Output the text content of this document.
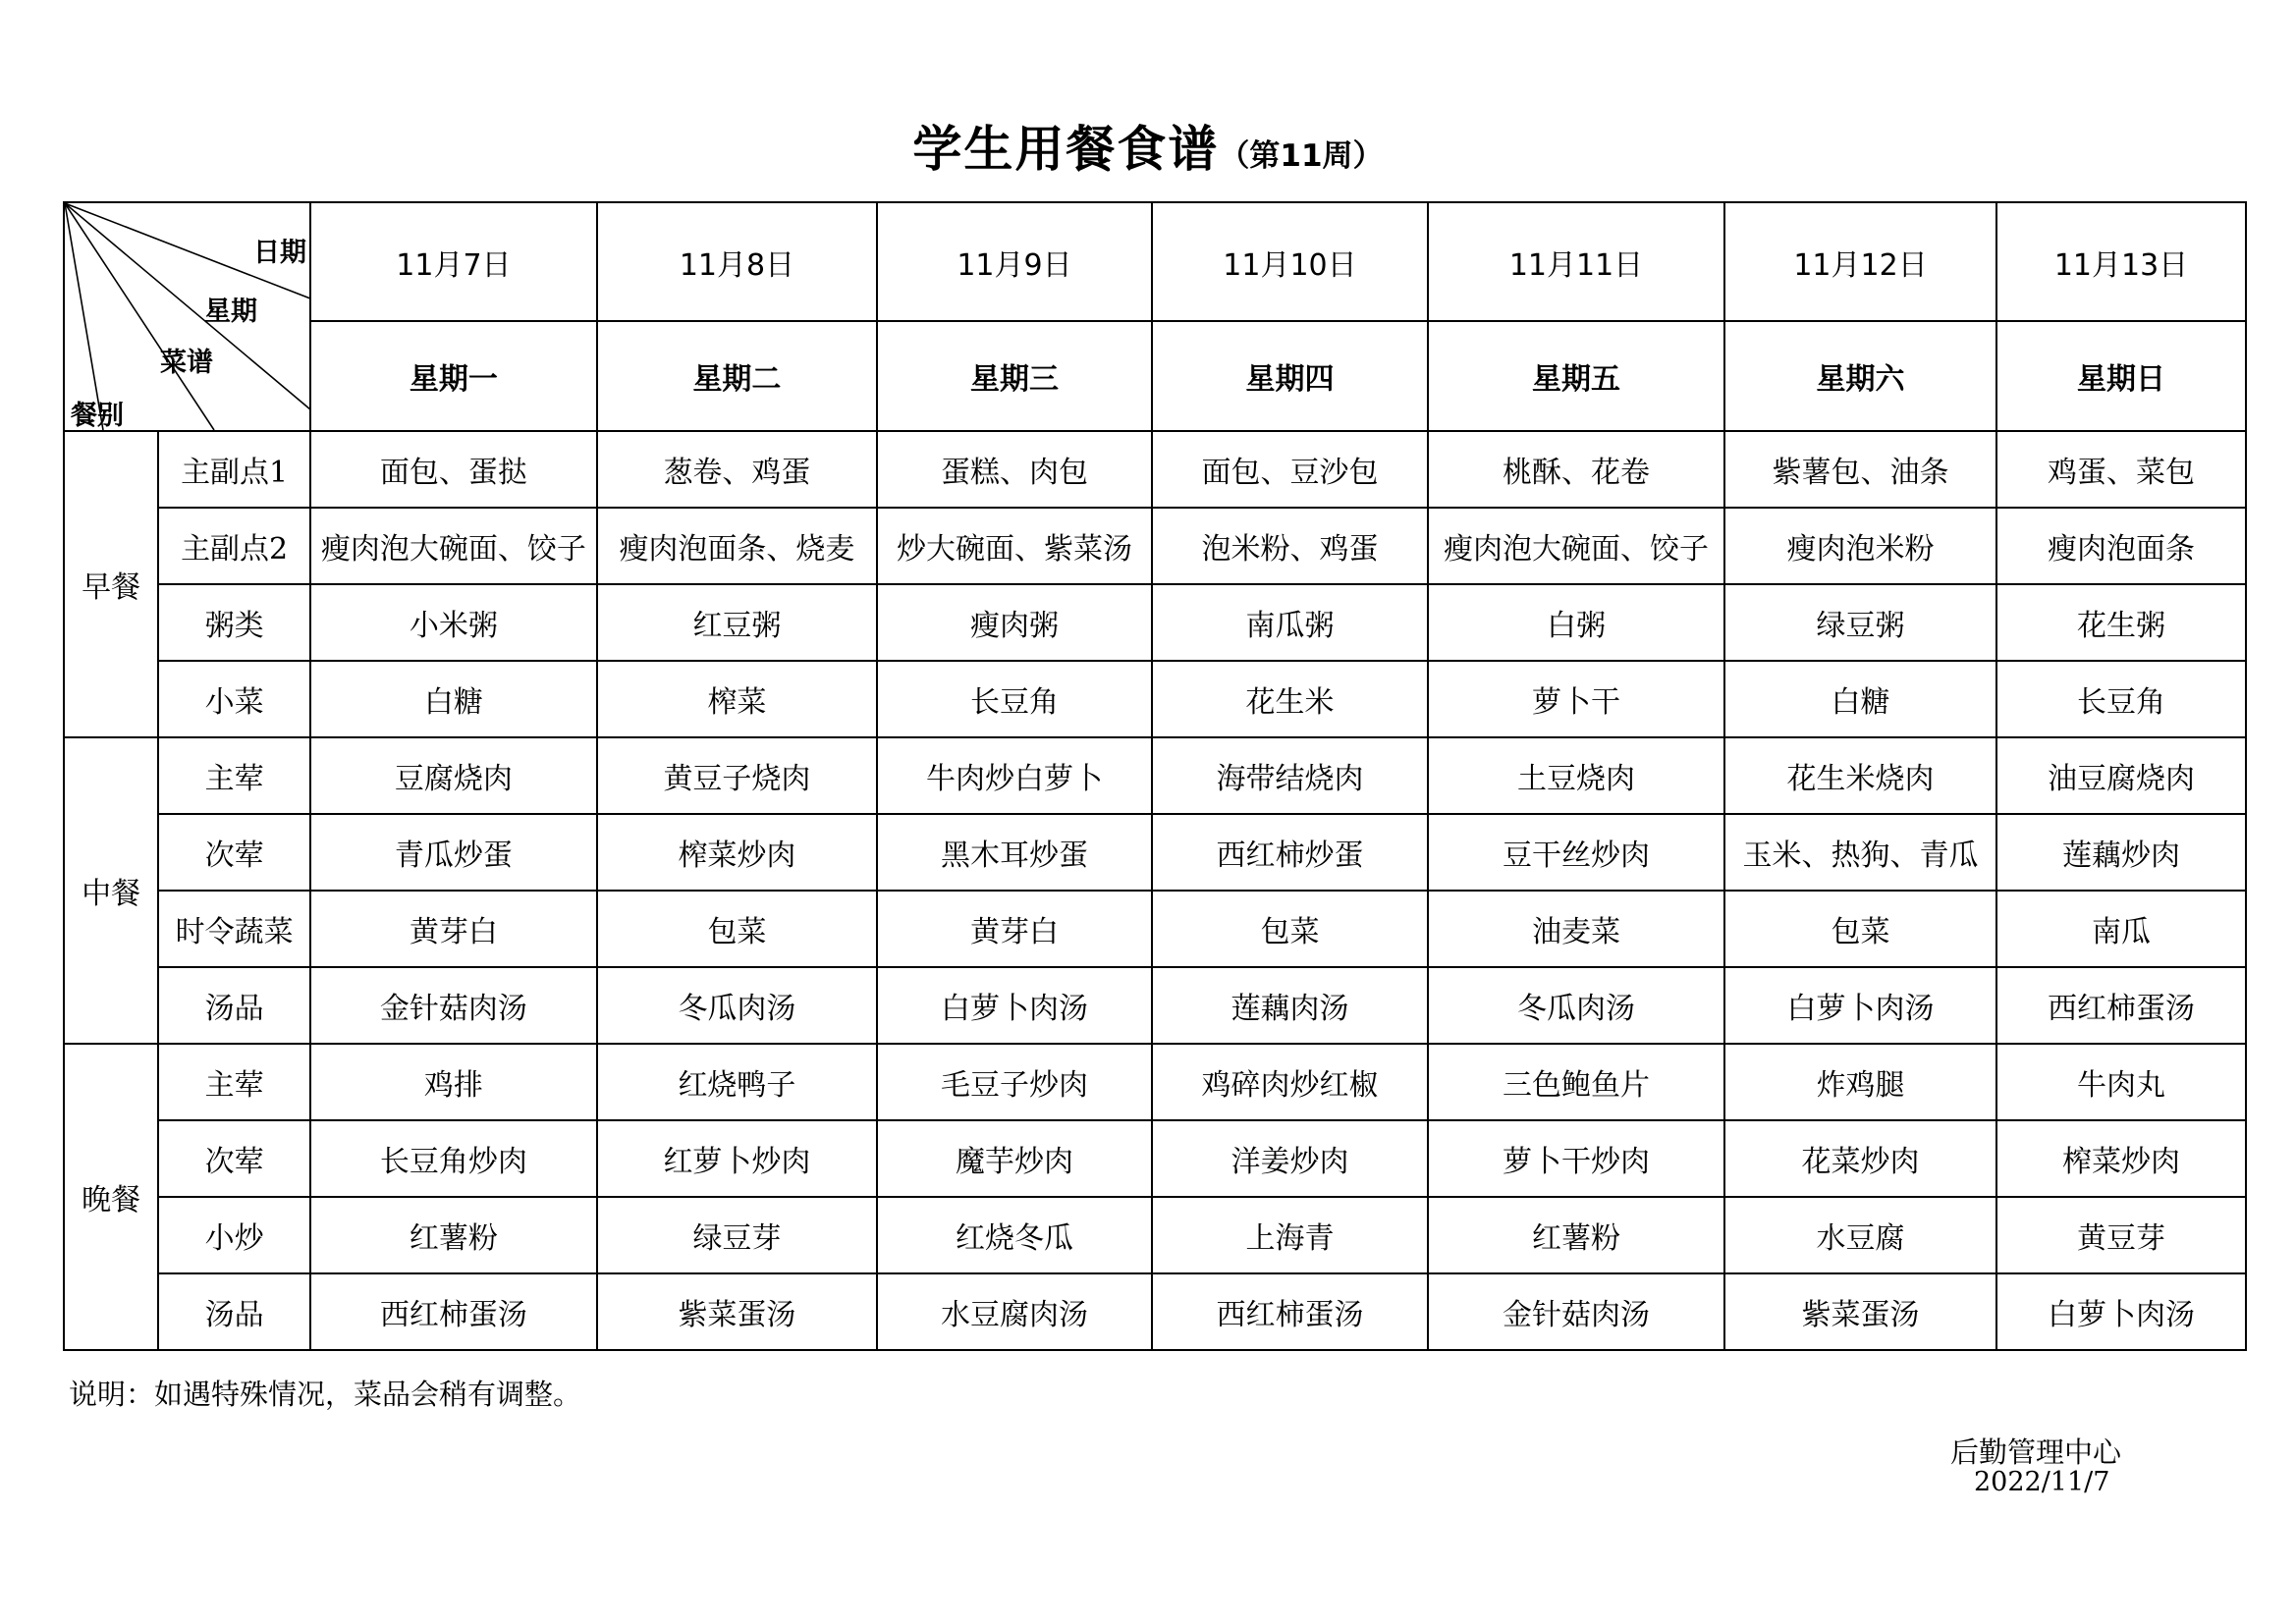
学生用餐食谱（第11周）
日期
星期
菜谱
餐别		11月7日	11月8日	11月9日	11月10日	11月11日	11月12日	11月13日
		星期一	星期二	星期三	星期四	星期五	星期六	星期日
早餐	主副点1	面包、蛋挞	葱卷、鸡蛋	蛋糕、肉包	面包、豆沙包	桃酥、花卷	紫薯包、油条	鸡蛋、菜包
	主副点2	瘦肉泡大碗面、饺子	瘦肉泡面条、烧麦	炒大碗面、紫菜汤	泡米粉、鸡蛋	瘦肉泡大碗面、饺子	瘦肉泡米粉	瘦肉泡面条
	粥类	小米粥	红豆粥	瘦肉粥	南瓜粥	白粥	绿豆粥	花生粥
	小菜	白糖	榨菜	长豆角	花生米	萝卜干	白糖	长豆角
中餐	主荤	豆腐烧肉	黄豆子烧肉	牛肉炒白萝卜	海带结烧肉	土豆烧肉	花生米烧肉	油豆腐烧肉
	次荤	青瓜炒蛋	榨菜炒肉	黑木耳炒蛋	西红柿炒蛋	豆干丝炒肉	玉米、热狗、青瓜	莲藕炒肉
	时令蔬菜	黄芽白	包菜	黄芽白	包菜	油麦菜	包菜	南瓜
	汤品	金针菇肉汤	冬瓜肉汤	白萝卜肉汤	莲藕肉汤	冬瓜肉汤	白萝卜肉汤	西红柿蛋汤
晚餐	主荤	鸡排	红烧鸭子	毛豆子炒肉	鸡碎肉炒红椒	三色鲍鱼片	炸鸡腿	牛肉丸
	次荤	长豆角炒肉	红萝卜炒肉	魔芋炒肉	洋姜炒肉	萝卜干炒肉	花菜炒肉	榨菜炒肉
	小炒	红薯粉	绿豆芽	红烧冬瓜	上海青	红薯粉	水豆腐	黄豆芽
	汤品	西红柿蛋汤	紫菜蛋汤	水豆腐肉汤	西红柿蛋汤	金针菇肉汤	紫菜蛋汤	白萝卜肉汤
说明：如遇特殊情况，菜品会稍有调整。
后勤管理中心
2022/11/7
